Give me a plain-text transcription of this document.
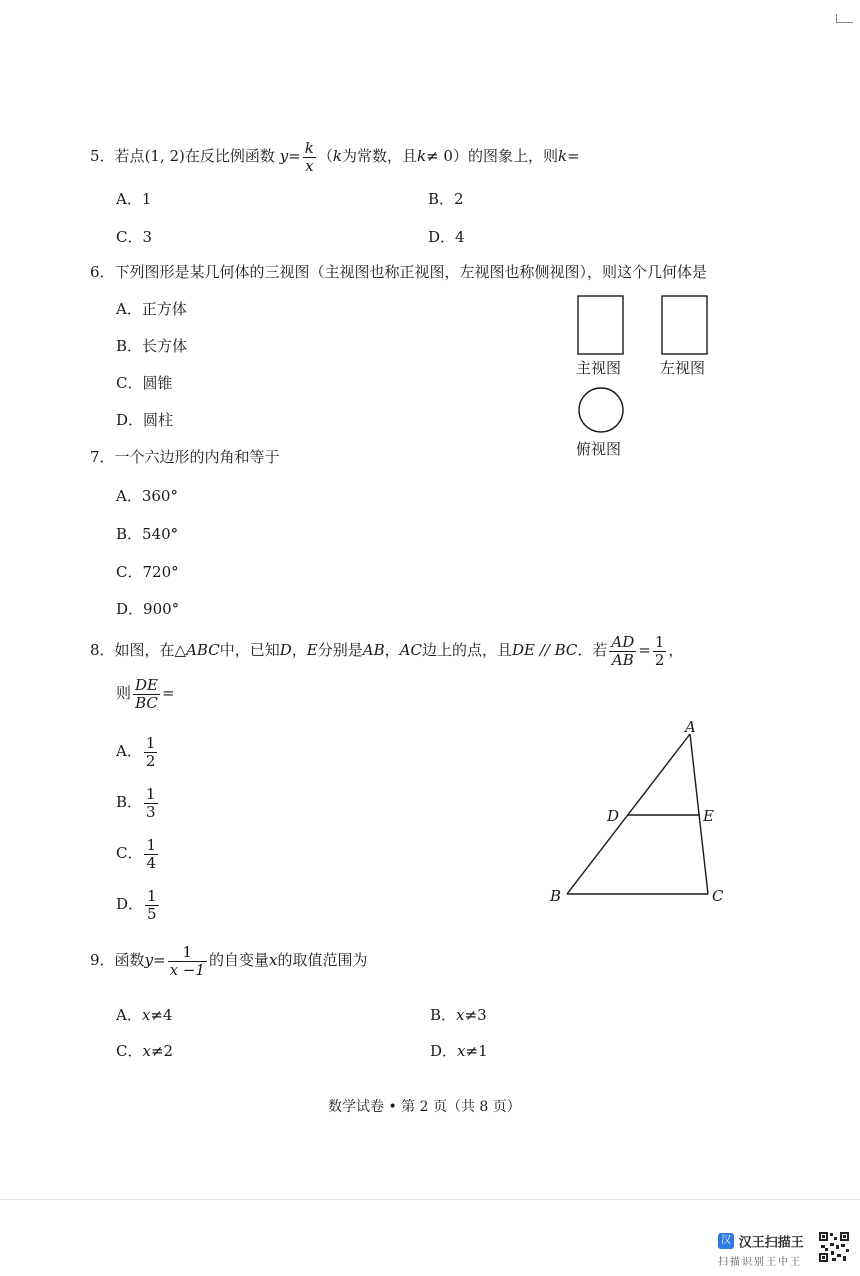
5．若点(1, 2)在反比例函数 $y= \frac{k}{x} (k$为常数，且k≠ 0）的图象上，则k=
A．1	B．2
C．3	D．4
6．下列图形是某几何体的三视图（主视图也称正视图，左视图也称侧视图），则这个几何体是
A．正方体
B．长方体
C．圆锥
D．圆柱
主视图	左视图
俯视图
7．一个六边形的内角和等于
A．360°
B．540°
C．720°
D．900°
8．如图，在△ABC中，已知D，E分别是AB，AC边上的点，且DE // BC．若 $\frac{AD}{AB} = \frac{1}{2}$ ，
则 $\frac{DE}{BC}$ =
A． $\frac{1}{2}$
B． $\frac{1}{3}$
C． $\frac{1}{4}$
D． $\frac{1}{5}$
A
B	C
D	E
9．函数$y= \frac{1}{x -1}$ 的自变量x的取值范围为
A．x≠4	B．x≠3
C．x≠2	D．x≠1
数学试卷 • 第 2 页（共 8 页）
汉 汉王扫描王
扫描识别王中王
